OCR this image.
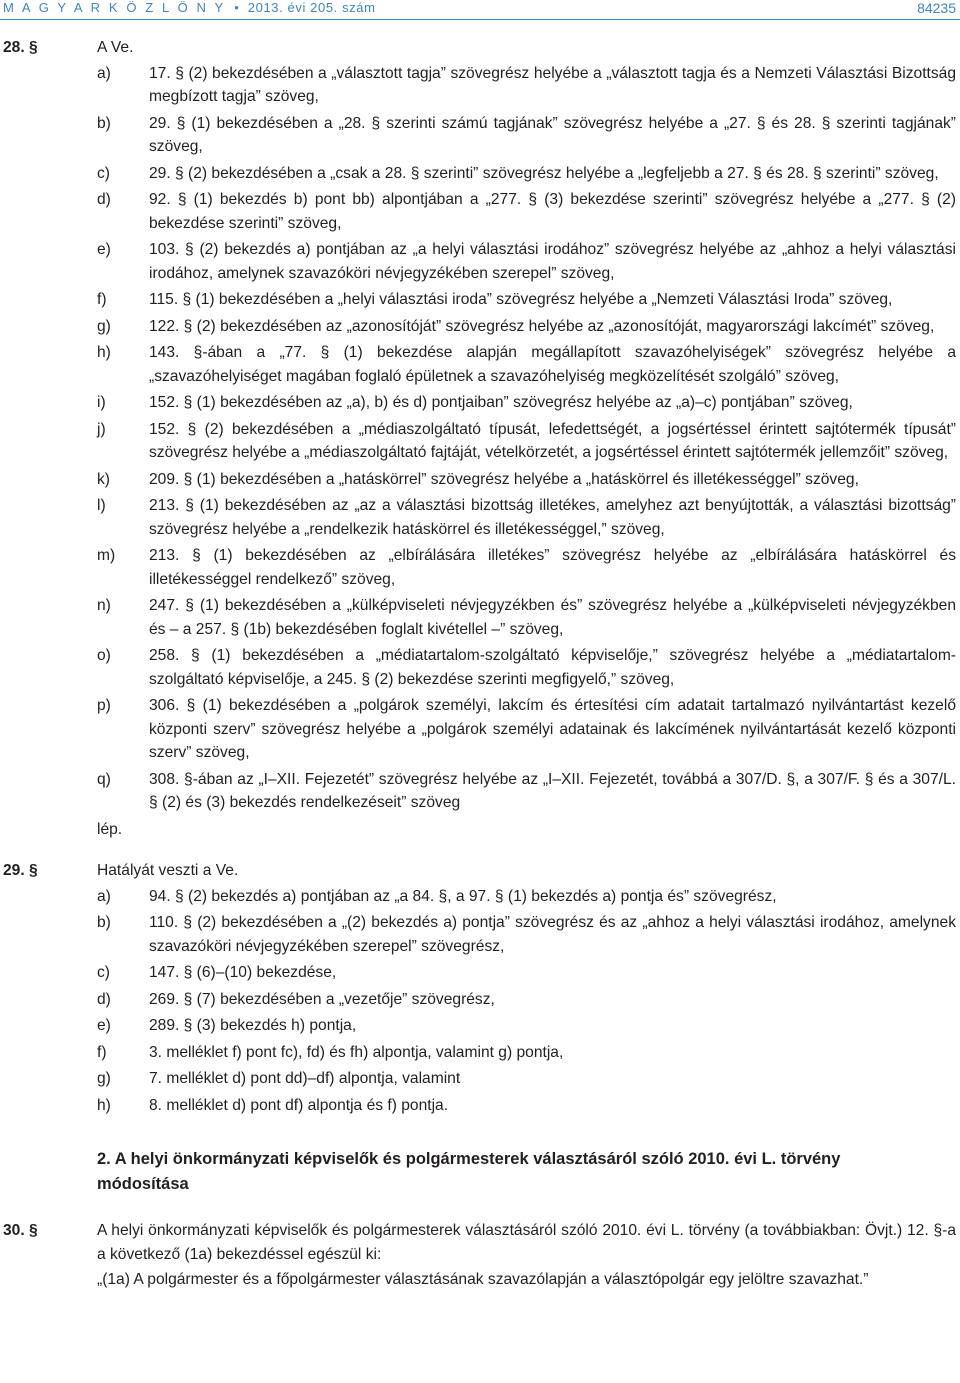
M A G Y A R K Ö Z L Ö N Y  •  2013. évi 205. szám	84235
28. §	A Ve.
a) 17. § (2) bekezdésében a „választott tagja” szövegrész helyébe a „választott tagja és a Nemzeti Választási Bizottság megbízott tagja” szöveg,
b) 29. § (1) bekezdésében a „28. § szerinti számú tagjának” szövegrész helyébe a „27. § és 28. § szerinti tagjának” szöveg,
c)	29. § (2) bekezdésében a „csak a 28. § szerinti” szövegrész helyébe a „legfeljebb a 27. § és 28. § szerinti” szöveg,
d) 92. § (1) bekezdés b) pont bb) alpontjában a „277. § (3) bekezdése szerinti” szövegrész helyébe a „277. § (2) bekezdése szerinti” szöveg,
e) 103. § (2) bekezdés a) pontjában az „a helyi választási irodához” szövegrész helyébe az „ahhoz a helyi választási irodához, amelynek szavazóköri névjegyzékében szerepel” szöveg,
f)	115. § (1) bekezdésében a „helyi választási iroda” szövegrész helyébe a „Nemzeti Választási Iroda” szöveg,
g) 122. § (2) bekezdésében az „azonosítóját” szövegrész helyébe az „azonosítóját, magyarországi lakcímét” szöveg,
h) 143. §-ában a „77. § (1) bekezdése alapján megállapított szavazóhelyiségek” szövegrész helyébe a „szavazóhelyiséget magában foglaló épületnek a szavazóhelyiség megközelítését szolgáló” szöveg,
i)	152. § (1) bekezdésében az „a), b) és d) pontjaiban” szövegrész helyébe az „a)–c) pontjában” szöveg,
j)	152. § (2) bekezdésében a „médiaszolgáltató típusát, lefedettségét, a jogsértéssel érintett sajtótermék típusát” szövegrész helyébe a „médiaszolgáltató fajtáját, vételkörzetét, a jogsértéssel érintett sajtótermék jellemzőit” szöveg,
k)	209. § (1) bekezdésében a „hatáskörrel” szövegrész helyébe a „hatáskörrel és illetékességgel” szöveg,
l)	213. § (1) bekezdésében az „az a választási bizottság illetékes, amelyhez azt benyújtották, a választási bizottság” szövegrész helyébe a „rendelkezik hatáskörrel és illetékességgel,” szöveg,
m) 213. § (1) bekezdésében az „elbírálására illetékes” szövegrész helyébe az „elbírálására hatáskörrel és illetékességgel rendelkező” szöveg,
n) 247. § (1) bekezdésében a „külképviseleti névjegyzékben és” szövegrész helyébe a „külképviseleti névjegyzékben és – a 257. § (1b) bekezdésében foglalt kivétellel –” szöveg,
o) 258. § (1) bekezdésében a „médiatartalom-szolgáltató képviselője,” szövegrész helyébe a „médiatartalom-szolgáltató képviselője, a 245. § (2) bekezdése szerinti megfigyelő,” szöveg,
p) 306. § (1) bekezdésében a „polgárok személyi, lakcím és értesítési cím adatait tartalmazó nyilvántartást kezelő központi szerv” szövegrész helyébe a „polgárok személyi adatainak és lakcímének nyilvántartását kezelő központi szerv” szöveg,
q) 308. §-ában az „I–XII. Fejezetét” szövegrész helyébe az „I–XII. Fejezetét, továbbá a 307/D. §, a 307/F. § és a 307/L. § (2) és (3) bekezdés rendelkezéseit” szöveg
lép.
29. §	Hatályát veszti a Ve.
a) 94. § (2) bekezdés a) pontjában az „a 84. §, a 97. § (1) bekezdés a) pontja és” szövegrész,
b) 110. § (2) bekezdésében a „(2) bekezdés a) pontja” szövegrész és az „ahhoz a helyi választási irodához, amelynek szavazóköri névjegyzékében szerepel” szövegrész,
c)	147. § (6)–(10) bekezdése,
d) 269. § (7) bekezdésében a „vezetője” szövegrész,
e) 289. § (3) bekezdés h) pontja,
f)	3. melléklet f) pont fc), fd) és fh) alpontja, valamint g) pontja,
g) 7. melléklet d) pont dd)–df) alpontja, valamint
h) 8. melléklet d) pont df) alpontja és f) pontja.
2. A helyi önkormányzati képviselők és polgármesterek választásáról szóló 2010. évi L. törvény módosítása
30. §	A helyi önkormányzati képviselők és polgármesterek választásáról szóló 2010. évi L. törvény (a továbbiakban: Övjt.) 12. §-a a következő (1a) bekezdéssel egészül ki:
„(1a) A polgármester és a főpolgármester választásának szavazólapján a választópolgár egy jelöltre szavazhat.”
